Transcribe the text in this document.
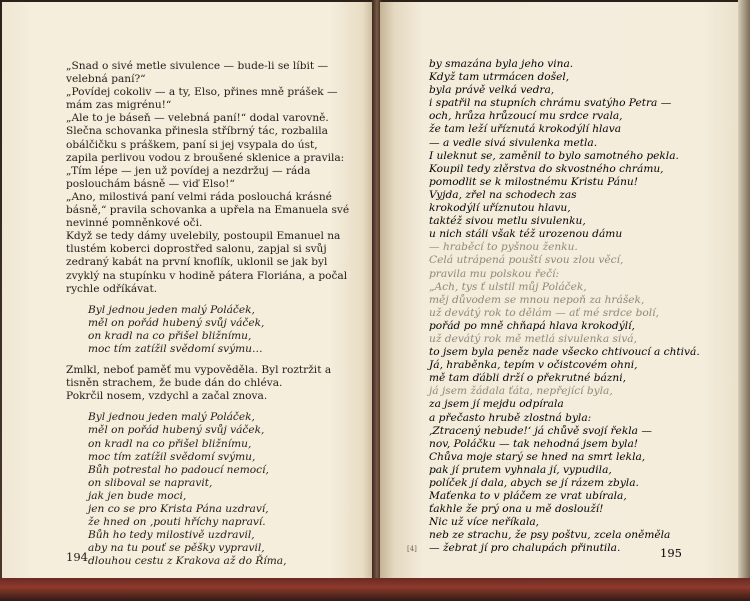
„Snad o sivé metle sivulence — bude-li se líbit — velebná paní?“

„Povídej cokoliv — a ty, Elso, přines mně prášek — mám zas migrénu!“

„Ale to je báseň — velebná paní!“ dodal varovně.

Slečna schovanka přinesla stříbrný tác, rozbalila obálčičku s práškem, paní si jej vsypala do úst, zapila perlivou vodou z broušené sklenice a pravila: „Tím lépe — jen už povídej a nezdržuj — ráda poslouchám básně — viď Elso!“

„Ano, milostivá paní velmi ráda poslouchá krásné básně,“ pravila schovanka a upřela na Emanuela své nevinné pomněnkové oči.

Když se tedy dámy uvelebily, postoupil Emanuel na tlustém koberci doprostřed salonu, zapjal si svůj zedraný kabát na první knoflík, uklonil se jak byl zvyklý na stupínku v hodině pátera Floriána, a počal rychle odříkávat.

Byl jednou jeden malý Poláček,
měl on pořád hubený svůj váček,
on kradl na co přišel bližnímu,
moc tím zatížil svědomí svýmu…

Zmlkl, neboť paměť mu vypověděla. Byl roztržit a tisněn strachem, že bude dán do chléva.

Pokrčil nosem, vzdychl a začal znova.

Byl jednou jeden malý Poláček,
měl on pořád hubený svůj váček,
on kradl na co přišel bližnímu,
moc tím zatížil svědomí svýmu,
Bůh potrestal ho padoucí nemocí,
on sliboval se napravit,
jak jen bude moci,
jen co se pro Krista Pána uzdraví,
že hned on ‚pouti hříchy napraví.
Bůh ho tedy milostivě uzdravil,
aby na tu pouť se pěšky vypravil,
dlouhou cestu z Krakova až do Říma,
194
by smazána byla jeho vina.
Když tam utrmácen došel,
byla právě velká vedra,
i spatřil na stupních chrámu svatýho Petra —
och, hrůza hrůzoucí mu srdce rvala,
že tam leží uříznutá krokodýlí hlava
— a vedle sivá sivulenka metla.
I uleknut se, zaměnil to bylo samotného pekla.
Koupil tedy zlěrstva do skvostného chrámu,
pomodlit se k milostnému Kristu Pánu!
Vyjda, zřel na schodech zas
krokodýlí uříznutou hlavu,
taktéž sivou metlu sivulenku,
u nich stáli však též urozenou dámu
— hraběcí to pyšnou ženku.
Celá utrápená pouští svou zlou věcí,
pravila mu polskou řečí:
„Ach, tys ť ulstil můj Poláček,
měj důvodem se mnou nepoň za hrášek,
už devátý rok to dělám — ať mé srdce bolí,
pořád po mně chňapá hlava krokodýlí,
už devátý rok mě metlá sivulenka sivá,
to jsem byla peněz nade všecko chtivoucí a chtivá.
Já, hraběnka, tepím v očistcovém ohni,
mě tam ďábli drží o překrutné bázni,
já jsem žádala ťáta, nepřející byla,
za jsem jí mejdu odpírala
a přečasto hrubě zlostná byla:
‚Ztracený nebude!‘ já chůvě svojí řekla —
nov, Poláčku — tak nehodná jsem byla!
Chůva moje starý se hned na smrt lekla,
pak jí prutem vyhnala jí, vypudila,
políček jí dala, abych se jí rázem zbyla.
Maťenka to v pláčem ze vrat ubírala,
ťakhle že prý ona u mě doslouží!
Nic už více neříkala,
neb ze strachu, že psy poštvu, zcela oněměla
— žebrat jí pro chalupách přinutila.
[4]	195
